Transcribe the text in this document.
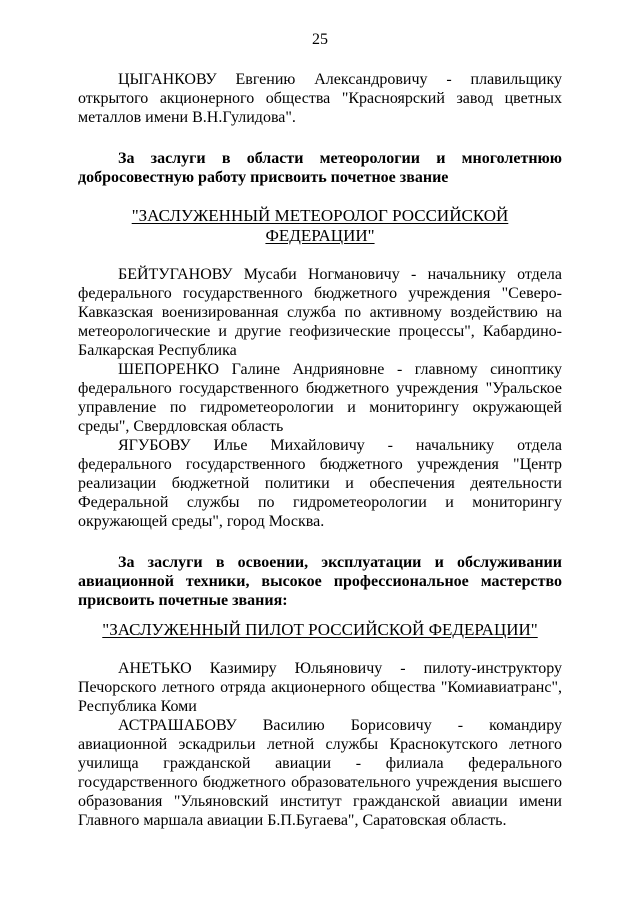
25

ЦЫГАНКОВУ Евгению Александровичу - плавильщику открытого акционерного общества "Красноярский завод цветных металлов имени В.Н.Гулидова".

За заслуги в области метеорологии и многолетнюю добросовестную работу присвоить почетное звание

"ЗАСЛУЖЕННЫЙ МЕТЕОРОЛОГ РОССИЙСКОЙ ФЕДЕРАЦИИ"

БЕЙТУГАНОВУ Мусаби Ногмановичу - начальнику отдела федерального государственного бюджетного учреждения "Северо-Кавказская военизированная служба по активному воздействию на метеорологические и другие геофизические процессы", Кабардино-Балкарская Республика

ШЕПОРЕНКО Галине Андрияновне - главному синоптику федерального государственного бюджетного учреждения "Уральское управление по гидрометеорологии и мониторингу окружающей среды", Свердловская область

ЯГУБОВУ Илье Михайловичу - начальнику отдела федерального государственного бюджетного учреждения "Центр реализации бюджетной политики и обеспечения деятельности Федеральной службы по гидрометеорологии и мониторингу окружающей среды", город Москва.

За заслуги в освоении, эксплуатации и обслуживании авиационной техники, высокое профессиональное мастерство присвоить почетные звания:

"ЗАСЛУЖЕННЫЙ ПИЛОТ РОССИЙСКОЙ ФЕДЕРАЦИИ"

АНЕТЬКО Казимиру Юльяновичу - пилоту-инструктору Печорского летного отряда акционерного общества "Комиавиатранс", Республика Коми

АСТРАШАБОВУ Василию Борисовичу - командиру авиационной эскадрильи летной службы Краснокутского летного училища гражданской авиации - филиала федерального государственного бюджетного образовательного учреждения высшего образования "Ульяновский институт гражданской авиации имени Главного маршала авиации Б.П.Бугаева", Саратовская область.
